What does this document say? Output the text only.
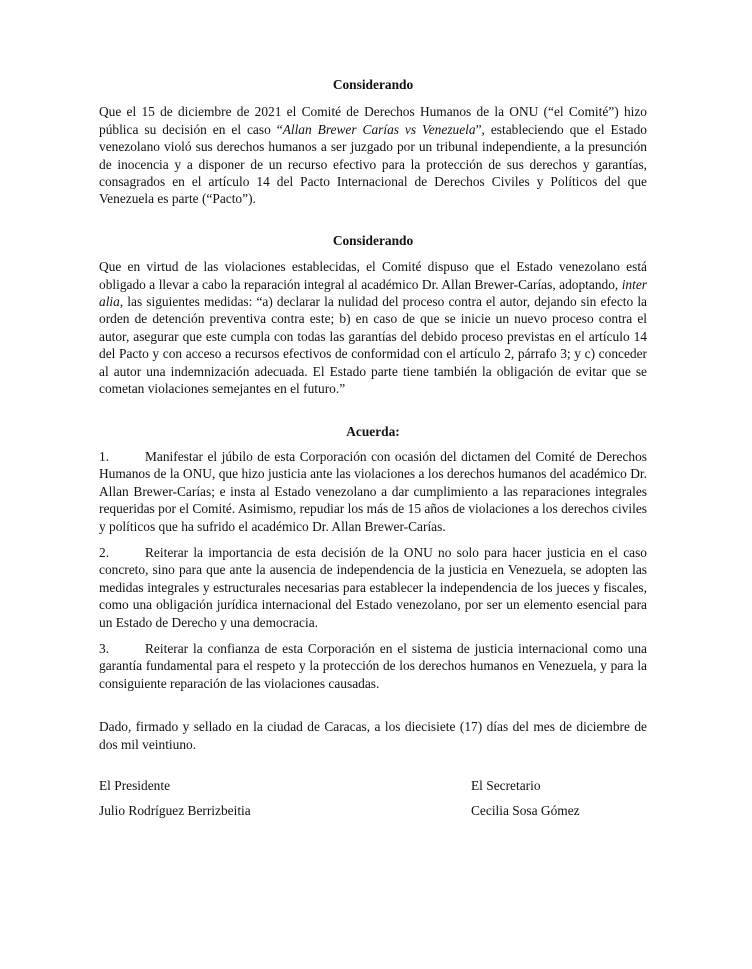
Considerando

Que el 15 de diciembre de 2021 el Comité de Derechos Humanos de la ONU (“el Comité”) hizo pública su decisión en el caso “Allan Brewer Carías vs Venezuela”, estableciendo que el Estado venezolano violó sus derechos humanos a ser juzgado por un tribunal independiente, a la presunción de inocencia y a disponer de un recurso efectivo para la protección de sus derechos y garantías, consagrados en el artículo 14 del Pacto Internacional de Derechos Civiles y Políticos del que Venezuela es parte (“Pacto”).

Considerando

Que en virtud de las violaciones establecidas, el Comité dispuso que el Estado venezolano está obligado a llevar a cabo la reparación integral al académico Dr. Allan Brewer-Carías, adoptando, inter alia, las siguientes medidas: “a) declarar la nulidad del proceso contra el autor, dejando sin efecto la orden de detención preventiva contra este; b) en caso de que se inicie un nuevo proceso contra el autor, asegurar que este cumpla con todas las garantías del debido proceso previstas en el artículo 14 del Pacto y con acceso a recursos efectivos de conformidad con el artículo 2, párrafo 3; y c) conceder al autor una indemnización adecuada. El Estado parte tiene también la obligación de evitar que se cometan violaciones semejantes en el futuro.”

Acuerda:

1.	Manifestar el júbilo de esta Corporación con ocasión del dictamen del Comité de Derechos Humanos de la ONU, que hizo justicia ante las violaciones a los derechos humanos del académico Dr. Allan Brewer-Carías; e insta al Estado venezolano a dar cumplimiento a las reparaciones integrales requeridas por el Comité. Asimismo, repudiar los más de 15 años de violaciones a los derechos civiles y políticos que ha sufrido el académico Dr. Allan Brewer-Carías.

2.	Reiterar la importancia de esta decisión de la ONU no solo para hacer justicia en el caso concreto, sino para que ante la ausencia de independencia de la justicia en Venezuela, se adopten las medidas integrales y estructurales necesarias para establecer la independencia de los jueces y fiscales, como una obligación jurídica internacional del Estado venezolano, por ser un elemento esencial para un Estado de Derecho y una democracia.

3.	Reiterar la confianza de esta Corporación en el sistema de justicia internacional como una garantía fundamental para el respeto y la protección de los derechos humanos en Venezuela, y para la consiguiente reparación de las violaciones causadas.

Dado, firmado y sellado en la ciudad de Caracas, a los diecisiete (17) días del mes de diciembre de dos mil veintiuno.

El Presidente
Julio Rodríguez Berrizbeitia
El Secretario
Cecilia Sosa Gómez
